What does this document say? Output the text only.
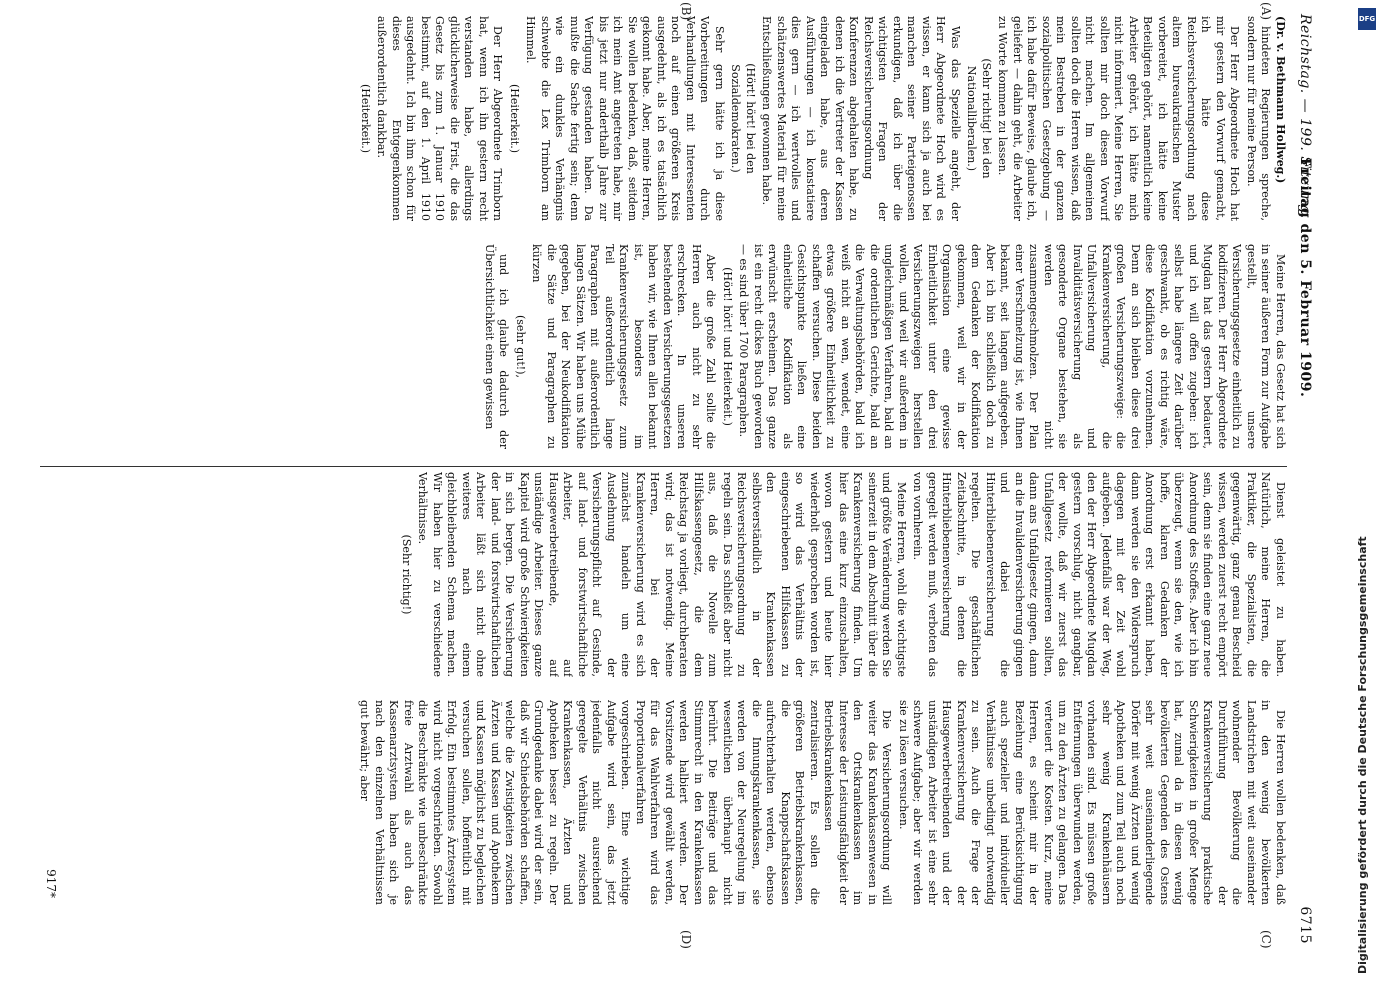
Reichstag. — 199. Sitzung.
Freitag den 5. Februar 1909.
6715
(A)
(B)
(C)
(D)
(Dr. v. Bethmann Hollweg.)

hindeten Regierungen spreche, sondern nur für meine Person.

Der Herr Abgeordnete Hoch hat mir gestern den Vorwurf gemacht, ich hätte diese Reichsversicherungsordnung nach altem bureaukratischen Muster vorbereitet, ich hätte keine Beteiligten gehört, namentlich keine Arbeiter gehört, ich hätte mich nicht informiert. Meine Herren, Sie sollten mir doch diesen Vorwurf nicht machen. Im allgemeinen sollten doch die Herren wissen, daß mein Bestreben in der ganzen sozialpolitischen Gesetzgebung — ich habe dafür Beweise, glaube ich, geliefert — dahin geht, die Arbeiter zu Worte kommen zu lassen.

(Sehr richtig! bei den Nationalliberalen.)

Was das Spezielle angeht, der Herr Abgeordnete Hoch wird es wissen, er kann sich ja auch bei manchen seiner Parteigenossen erkundigen, daß ich über die wichtigsten Fragen der Reichsversicherungsordnung Konferenzen abgehalten habe, zu denen ich die Vertreter der Kassen eingeladen habe, aus deren Ausführungen — ich konstatiere dies gern — ich wertvolles und schätzenswertes Material für meine Entschließungen gewonnen habe.

(Hört! hört! bei den Sozialdemokraten.)

Sehr gern hätte ich ja diese Vorbereitungen durch Verhandlungen mit Interessenten noch auf einen größeren Kreis ausgedehnt, als ich es tatsächlich gekonnt habe. Aber, meine Herren, Sie wollen bedenken, daß, seitdem ich mein Amt angetreten habe, mir bis jetzt nur anderthalb Jahre zur Verfügung gestanden haben. Da mußte die Sache fertig sein; denn wie ein dunkles Verhängnis schwebte die Lex Trimborn am Himmel.

(Heiterkeit.)

Der Herr Abgeordnete Trimborn hat, wenn ich ihn gestern recht verstanden habe, allerdings glücklicherweise die Frist, die das Gesetz bis zum 1. Januar 1910 bestimmt, auf den 1. April 1910 ausgedehnt. Ich bin ihm schon für dieses Entgegenkommen außerordentlich dankbar.

(Heiterkeit.)

Meine Herren, das Gesetz hat sich in seiner äußeren Form zur Aufgabe gestellt, unsere Versicherungsgesetze einheitlich zu kodifizieren. Der Herr Abgeordnete Mugdan hat das gestern bedauert, und ich will offen zugeben: ich selbst habe längere Zeit darüber geschwankt, ob es richtig wäre, diese Kodifikation vorzunehmen. Denn an sich bleiben diese drei großen Versicherungszweige: die Krankenversicherung, die Unfallversicherung und Invaliditätsversicherung als gesonderte Organe bestehen, sie werden nicht zusammengeschmolzen. Der Plan einer Verschmelzung ist, wie Ihnen bekannt, seit langem aufgegeben. Aber ich bin schließlich doch zu dem Gedanken der Kodifikation gekommen, weil wir in der Organisation eine gewisse Einheitlichkeit unter den drei Versicherungszweigen herstellen wollen, und weil wir außerdem in ungleichmäßigen Verfahren, bald an die ordentlichen Gerichte, bald an die Verwaltungsbehörden, bald ich weiß nicht an wen, wendet, eine etwas größere Einheitlichkeit zu schaffen versuchen. Diese beiden Gesichtspunkte ließen eine einheitliche Kodifikation als erwünscht erscheinen. Das ganze ist ein recht dickes Buch geworden — es sind über 1700 Paragraphen.

(Hört! hört! und Heiterkeit.)

Aber die große Zahl sollte die Herren auch nicht zu sehr erschrecken. In unseren bestehenden Versicherungsgesetzen haben wir, wie Ihnen allen bekannt ist, besonders im Krankenversicherungsgesetz zum Teil außerordentlich lange Paragraphen mit außerordentlich langen Sätzen. Wir haben uns Mühe gegeben, bei der Neukodifikation die Sätze und Paragraphen zu kürzen

(sehr gut!),

und ich glaube dadurch der Übersichtlichkeit einen gewissen

Dienst geleistet zu haben. Natürlich, meine Herren, die Praktiker, die Spezialisten, die gegenwärtig, ganz genau Bescheid wissen, werden zuerst recht empört sein, denn sie finden eine ganz neue Anordnung des Stoffes. Aber ich bin überzeugt, wenn sie den, wie ich hoffe, klaren Gedanken der Anordnung erst erkannt haben, dann werden sie den Widerspruch dagegen mit der Zeit wohl aufgeben. Jedenfalls war der Weg, den der Herr Abgeordnete Mugdan gestern vorschlug, nicht gangbar, der wollte, daß wir zuerst das Unfallgesetz reformieren sollten, dann ans Unfallgesetz gingen, dann an die Invalidenversicherung gingen und dabei die Hinterbliebenenversicherung regelten. Die geschäftlichen Zeitabschnitte, in denen die Hinterbliebenenversicherung geregelt werden muß, verboten das von vornherein.

Meine Herren, wohl die wichtigste und größte Veränderung werden Sie seinerzeit in dem Abschnitt über die Krankenversicherung finden. Um hier das eine kurz einzuschalten, wovon gestern und heute hier wiederholt gesprochen worden ist, so wird das Verhältnis der eingeschriebenen Hilfskassen zu den Krankenkassen selbstverständlich in der Reichsversicherungsordnung zu regeln sein. Das schließt aber nicht aus, daß die Novelle zum Hilfskassengesetz, die dem Reichstag ja vorliegt, durchberaten wird; das ist notwendig. Meine Herren, bei der Krankenversicherung wird es sich zunächst handeln um eine Ausdehnung der Versicherungspflicht auf Gesinde, auf land- und forstwirtschaftliche Arbeiter, auf Hausgewerbetreibende, auf unständige Arbeiter. Dieses ganze Kapitel wird große Schwierigkeiten in sich bergen. Die Versicherung der land- und forstwirtschaftlichen Arbeiter läßt sich nicht ohne weiteres nach einem gleichbleibenden Schema machen. Wir haben hier zu verschiedene Verhältnisse.

(Sehr richtig!)

Die Herren wollen bedenken, daß in den wenig bevölkerten Landstrichen mit weit auseinander wohnender Bevölkerung die Durchführung der Krankenversicherung praktische Schwierigkeiten in großer Menge hat, zumal da in diesen wenig bevölkerten Gegenden des Ostens sehr weit auseinanderliegende Dörfer mit wenig Ärzten und wenig Apotheken und zum Teil auch noch sehr wenig Krankenhäusern vorhanden sind. Es müssen große Entfernungen überwunden werden, um zu den Ärzten zu gelangen. Das verteuert die Kosten. Kurz, meine Herren, es scheint mir in der Beziehung eine Berücksichtigung auch spezieller und individueller Verhältnisse unbedingt notwendig zu sein. Auch die Frage der Krankenversicherung der Hausgewerbetreibenden und der unständigen Arbeiter ist eine sehr schwere Aufgabe; aber wir werden sie zu lösen versuchen.

Die Versicherungsordnung will weiter das Krankenkassenwesen in den Ortskrankenkassen im Interesse der Leistungsfähigkeit der Betriebskrankenkassen zentralisieren. Es sollen die größeren Betriebskrankenkassen, die Knappschaftskassen aufrechterhalten werden, ebenso die Innungskrankenkassen, sie werden von der Neuregelung im wesentlichen überhaupt nicht berührt. Die Beiträge und das Stimmrecht in den Krankenkassen werden halbiert werden. Der Vorsitzende wird gewählt werden, für das Wahlverfahren wird das Proportionalverfahren vorgeschrieben. Eine wichtige Aufgabe wird sein, das jetzt jedenfalls nicht ausreichend geregelte Verhältnis zwischen Krankenkassen, Ärzten und Apotheken besser zu regeln. Der Grundgedanke dabei wird der sein, daß wir Schiedsbehörden schaffen, welche die Zwistigkeiten zwischen Ärzten und Kassen und Apothekern und Kassen möglichst zu begleichen versuchen sollen, hoffentlich mit Erfolg. Ein bestimmtes Ärztesystem wird nicht vorgeschrieben. Sowohl die Beschränkte wie unbeschränkte freie Arztwahl als auch das Kassenarztsystem haben sich je nach den einzelnen Verhältnissen gut bewährt; aber

917*
DFG
Digitalisierung gefördert durch die Deutsche Forschungsgemeinschaft
